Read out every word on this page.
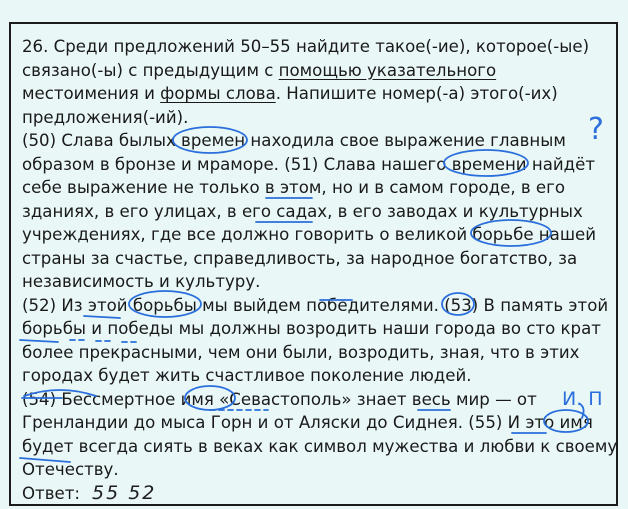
26. Среди предложений 50–55 найдите такое(-ие), которое(-ые) связано(-ы) с предыдущим с помощью указательного местоимения и формы слова. Напишите номер(-а) этого(-их) предложения(-ий).

(50) Слава былых времен находила свое выражение главным образом в бронзе и мраморе. (51) Слава нашего времени найдёт себе выражение не только в этом, но и в самом городе, в его зданиях, в его улицах, в его садах, в его заводах и культурных учреждениях, где все должно говорить о великой борьбе нашей страны за счастье, справедливость, за народное богатство, за независимость и культуру.

(52) Из этой борьбы мы выйдем победителями. (53) В память этой борьбы и победы мы должны возродить наши города во сто крат более прекрасными, чем они были, возродить, зная, что в этих городах будет жить счастливое поколение людей.

(54) Бессмертное имя «Севастополь» знает весь мир — от Гренландии до мыса Горн и от Аляски до Сиднея. (55) И это имя будет всегда сиять в веках как символ мужества и любви к своему Отечеству.

Ответ: 55 52

?
И. П
